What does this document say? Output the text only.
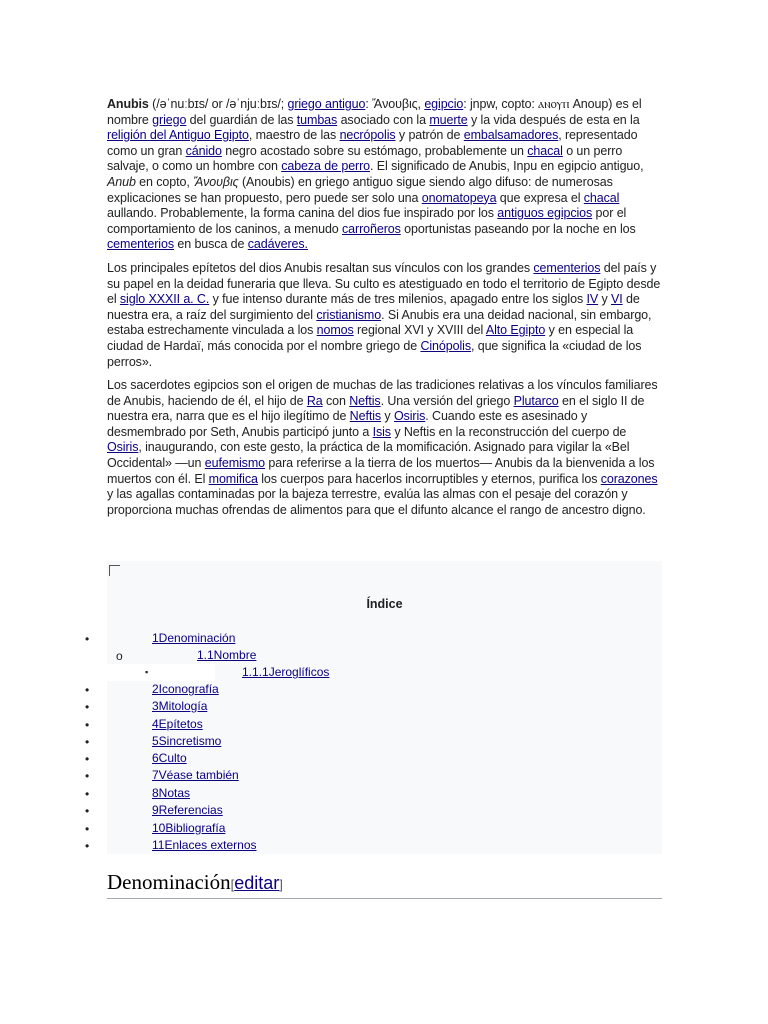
Anubis (/əˈnuːbɪs/ or /əˈnjuːbɪs/; griego antiguo: Ἄνουβις, egipcio: jnpw, copto: ⲁⲛⲟⲩⲡ Anoup) es el nombre griego del guardián de las tumbas asociado con la muerte y la vida después de esta en la religión del Antiguo Egipto, maestro de las necrópolis y patrón de embalsamadores, representado como un gran cánido negro acostado sobre su estómago, probablemente un chacal o un perro salvaje, o como un hombre con cabeza de perro. El significado de Anubis, Inpu en egipcio antiguo, Anub en copto, Ἄνουβις (Anoubis) en griego antiguo sigue siendo algo difuso: de numerosas explicaciones se han propuesto, pero puede ser solo una onomatopeya que expresa el chacal aullando. Probablemente, la forma canina del dios fue inspirado por los antiguos egipcios por el comportamiento de los caninos, a menudo carroñeros oportunistas paseando por la noche en los cementerios en busca de cadáveres.

Los principales epítetos del dios Anubis resaltan sus vínculos con los grandes cementerios del país y su papel en la deidad funeraria que lleva. Su culto es atestiguado en todo el territorio de Egipto desde el siglo XXXII a. C. y fue intenso durante más de tres milenios, apagado entre los siglos IV y VI de nuestra era, a raíz del surgimiento del cristianismo. Si Anubis era una deidad nacional, sin embargo, estaba estrechamente vinculada a los nomos regional XVI y XVIII del Alto Egipto y en especial la ciudad de Hardaï, más conocida por el nombre griego de Cinópolis, que significa la «ciudad de los perros».

Los sacerdotes egipcios son el origen de muchas de las tradiciones relativas a los vínculos familiares de Anubis, haciendo de él, el hijo de Ra con Neftis. Una versión del griego Plutarco en el siglo II de nuestra era, narra que es el hijo ilegítimo de Neftis y Osiris. Cuando este es asesinado y desmembrado por Seth, Anubis participó junto a Isis y Neftis en la reconstrucción del cuerpo de Osiris, inaugurando, con este gesto, la práctica de la momificación. Asignado para vigilar la «Bel Occidental» —un eufemismo para referirse a la tierra de los muertos— Anubis da la bienvenida a los muertos con él. El momifica los cuerpos para hacerlos incorruptibles y eternos, purifica los corazones y las agallas contaminadas por la bajeza terrestre, evalúa las almas con el pesaje del corazón y proporciona muchas ofrendas de alimentos para que el difunto alcance el rango de ancestro digno.

Índice
•	1Denominación
o	1.1Nombre
▪	1.1.1Jeroglíficos
•	2Iconografía
•	3Mitología
•	4Epítetos
•	5Sincretismo
•	6Culto
•	7Véase también
•	8Notas
•	9Referencias
•	10Bibliografía
•	11Enlaces externos
Denominación[editar]
